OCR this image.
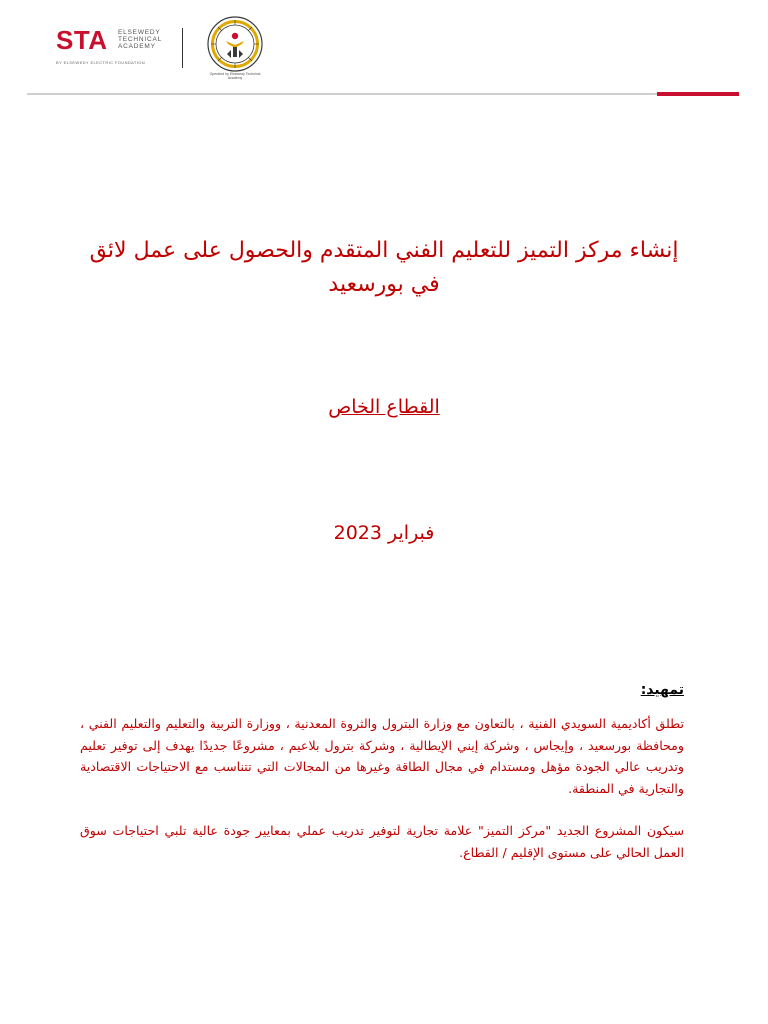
STA ELSEWEDY
TECHNICAL
ACADEMY
BY ELSEWEDY ELECTRIC FOUNDATION
Operated by Elsewedy Technical Academy
إنشاء مركز التميز للتعليم الفني المتقدم والحصول على عمل لائق
في بورسعيد
القطاع الخاص
فبراير 2023
تمهيد:

تطلق أكاديمية السويدي الفنية ، بالتعاون مع وزارة البترول والثروة المعدنية ، ووزارة التربية والتعليم والتعليم الفني ، ومحافظة بورسعيد ، وإيجاس ، وشركة إيني الإيطالية ، وشركة بترول بلاعيم ، مشروعًا جديدًا يهدف إلى توفير تعليم وتدريب عالي الجودة مؤهل ومستدام في مجال الطاقة وغيرها من المجالات التي تتناسب مع الاحتياجات الاقتصادية والتجارية في المنطقة.

سيكون المشروع الجديد "مركز التميز" علامة تجارية لتوفير تدريب عملي بمعايير جودة عالية تلبي احتياجات سوق العمل الحالي على مستوى الإقليم / القطاع.
